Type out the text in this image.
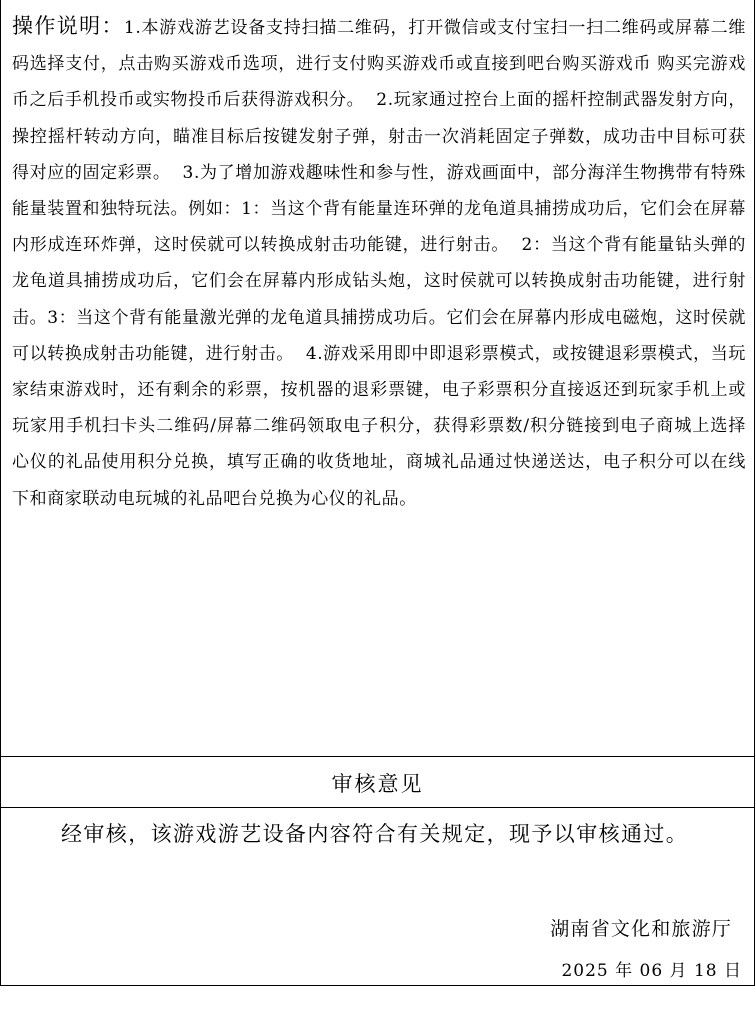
操作说明：1.本游戏游艺设备支持扫描二维码，打开微信或支付宝扫一扫二维码或屏幕二维码选择支付，点击购买游戏币选项，进行支付购买游戏币或直接到吧台购买游戏币 购买完游戏币之后手机投币或实物投币后获得游戏积分。  2.玩家通过控台上面的摇杆控制武器发射方向，操控摇杆转动方向，瞄准目标后按键发射子弹，射击一次消耗固定子弹数，成功击中目标可获得对应的固定彩票。  3.为了增加游戏趣味性和参与性，游戏画面中，部分海洋生物携带有特殊能量装置和独特玩法。例如：1：当这个背有能量连环弹的龙龟道具捕捞成功后，它们会在屏幕内形成连环炸弹，这时侯就可以转换成射击功能键，进行射击。  2：当这个背有能量钻头弹的龙龟道具捕捞成功后，它们会在屏幕内形成钻头炮，这时侯就可以转换成射击功能键，进行射击。3：当这个背有能量激光弹的龙龟道具捕捞成功后。它们会在屏幕内形成电磁炮，这时侯就可以转换成射击功能键，进行射击。  4.游戏采用即中即退彩票模式，或按键退彩票模式，当玩家结束游戏时，还有剩余的彩票，按机器的退彩票键，电子彩票积分直接返还到玩家手机上或玩家用手机扫卡头二维码/屏幕二维码领取电子积分，获得彩票数/积分链接到电子商城上选择心仪的礼品使用积分兑换，填写正确的收货地址，商城礼品通过快递送达，电子积分可以在线下和商家联动电玩城的礼品吧台兑换为心仪的礼品。
审核意见
经审核，该游戏游艺设备内容符合有关规定，现予以审核通过。
湖南省文化和旅游厅
2025 年 06 月 18 日
